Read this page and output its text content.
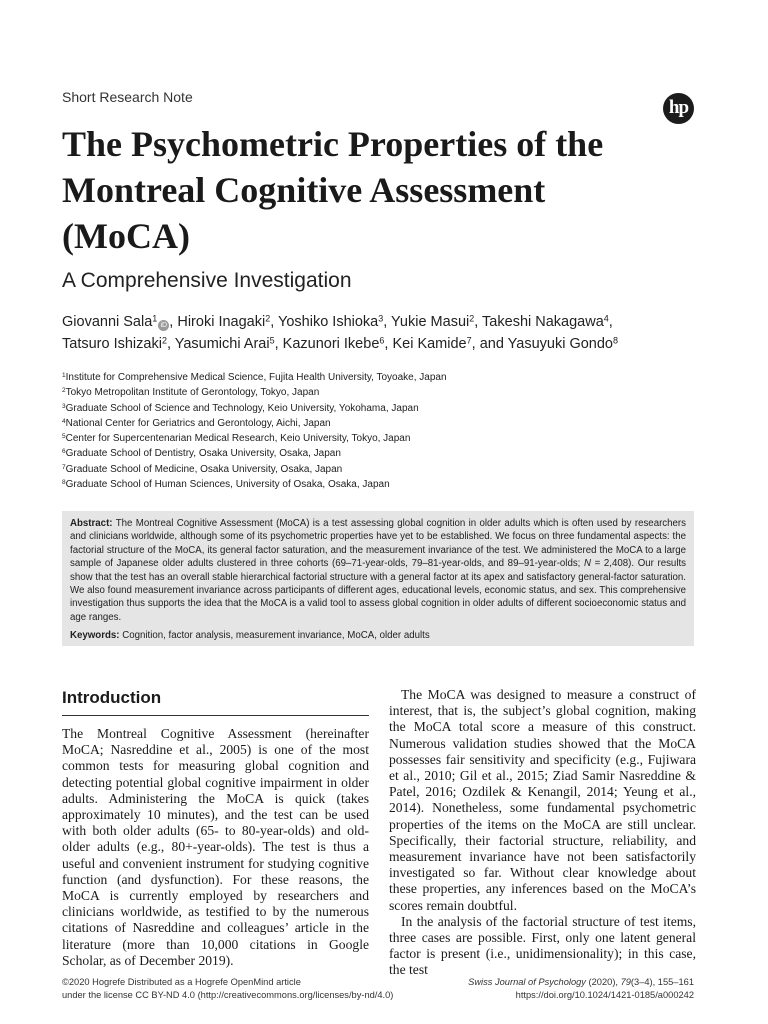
Short Research Note	hp
The Psychometric Properties of the
Montreal Cognitive Assessment
(MoCA)
A Comprehensive Investigation
Giovanni Sala$^1$iD , Hiroki Inagaki$^2$, Yoshiko Ishioka$^3$, Yukie Masui$^2$, Takeshi Nakagawa$^4$,
Tatsuro Ishizaki$^2$, Yasumichi Arai$^5$, Kazunori Ikebe$^6$, Kei Kamide$^7$, and Yasuyuki Gondo$^8$
$^1$Institute for Comprehensive Medical Science, Fujita Health University, Toyoake, Japan
$^2$Tokyo Metropolitan Institute of Gerontology, Tokyo, Japan
$^3$Graduate School of Science and Technology, Keio University, Yokohama, Japan
$^4$National Center for Geriatrics and Gerontology, Aichi, Japan
$^5$Center for Supercentenarian Medical Research, Keio University, Tokyo, Japan
$^6$Graduate School of Dentistry, Osaka University, Osaka, Japan
$^7$Graduate School of Medicine, Osaka University, Osaka, Japan
$^8$Graduate School of Human Sciences, University of Osaka, Osaka, Japan

Abstract: The Montreal Cognitive Assessment (MoCA) is a test assessing global cognition in older adults which is often used by researchers and clinicians worldwide, although some of its psychometric properties have yet to be established. We focus on three fundamental aspects: the factorial structure of the MoCA, its general factor saturation, and the measurement invariance of the test. We administered the MoCA to a large sample of Japanese older adults clustered in three cohorts (69–71-year-olds, 79–81-year-olds, and 89–91-year-olds; N = 2,408). Our results show that the test has an overall stable hierarchical factorial structure with a general factor at its apex and satisfactory general-factor saturation. We also found measurement invariance across participants of different ages, educational levels, economic status, and sex. This comprehensive investigation thus supports the idea that the MoCA is a valid tool to assess global cognition in older adults of different socioeconomic status and age ranges.

Keywords: Cognition, factor analysis, measurement invariance, MoCA, older adults

Introduction

The Montreal Cognitive Assessment (hereinafter MoCA; Nasreddine et al., 2005) is one of the most common tests for measuring global cognition and detecting potential global cognitive impairment in older adults. Administering the MoCA is quick (takes approximately 10 minutes), and the test can be used with both older adults (65- to 80-year-olds) and old-older adults (e.g., 80+-year-olds). The test is thus a useful and convenient instrument for studying cognitive function (and dysfunction). For these reasons, the MoCA is currently employed by researchers and clinicians worldwide, as testified to by the numerous citations of Nasreddine and colleagues’ article in the literature (more than 10,000 citations in Google Scholar, as of December 2019).

The MoCA was designed to measure a construct of interest, that is, the subject’s global cognition, making the MoCA total score a measure of this construct. Numerous validation studies showed that the MoCA possesses fair sensitivity and specificity (e.g., Fujiwara et al., 2010; Gil et al., 2015; Ziad Samir Nasreddine & Patel, 2016; Ozdilek & Kenangil, 2014; Yeung et al., 2014). Nonetheless, some fundamental psychometric properties of the items on the MoCA are still unclear. Specifically, their factorial structure, reliability, and measurement invariance have not been satisfactorily investigated so far. Without clear knowledge about these properties, any inferences based on the MoCA’s scores remain doubtful.

In the analysis of the factorial structure of test items, three cases are possible. First, only one latent general factor is present (i.e., unidimensionality); in this case, the test

©2020 Hogrefe Distributed as a Hogrefe OpenMind article
under the license CC BY-ND 4.0 (http://creativecommons.org/licenses/by-nd/4.0)
Swiss Journal of Psychology (2020), 79(3–4), 155–161
https://doi.org/10.1024/1421-0185/a000242
